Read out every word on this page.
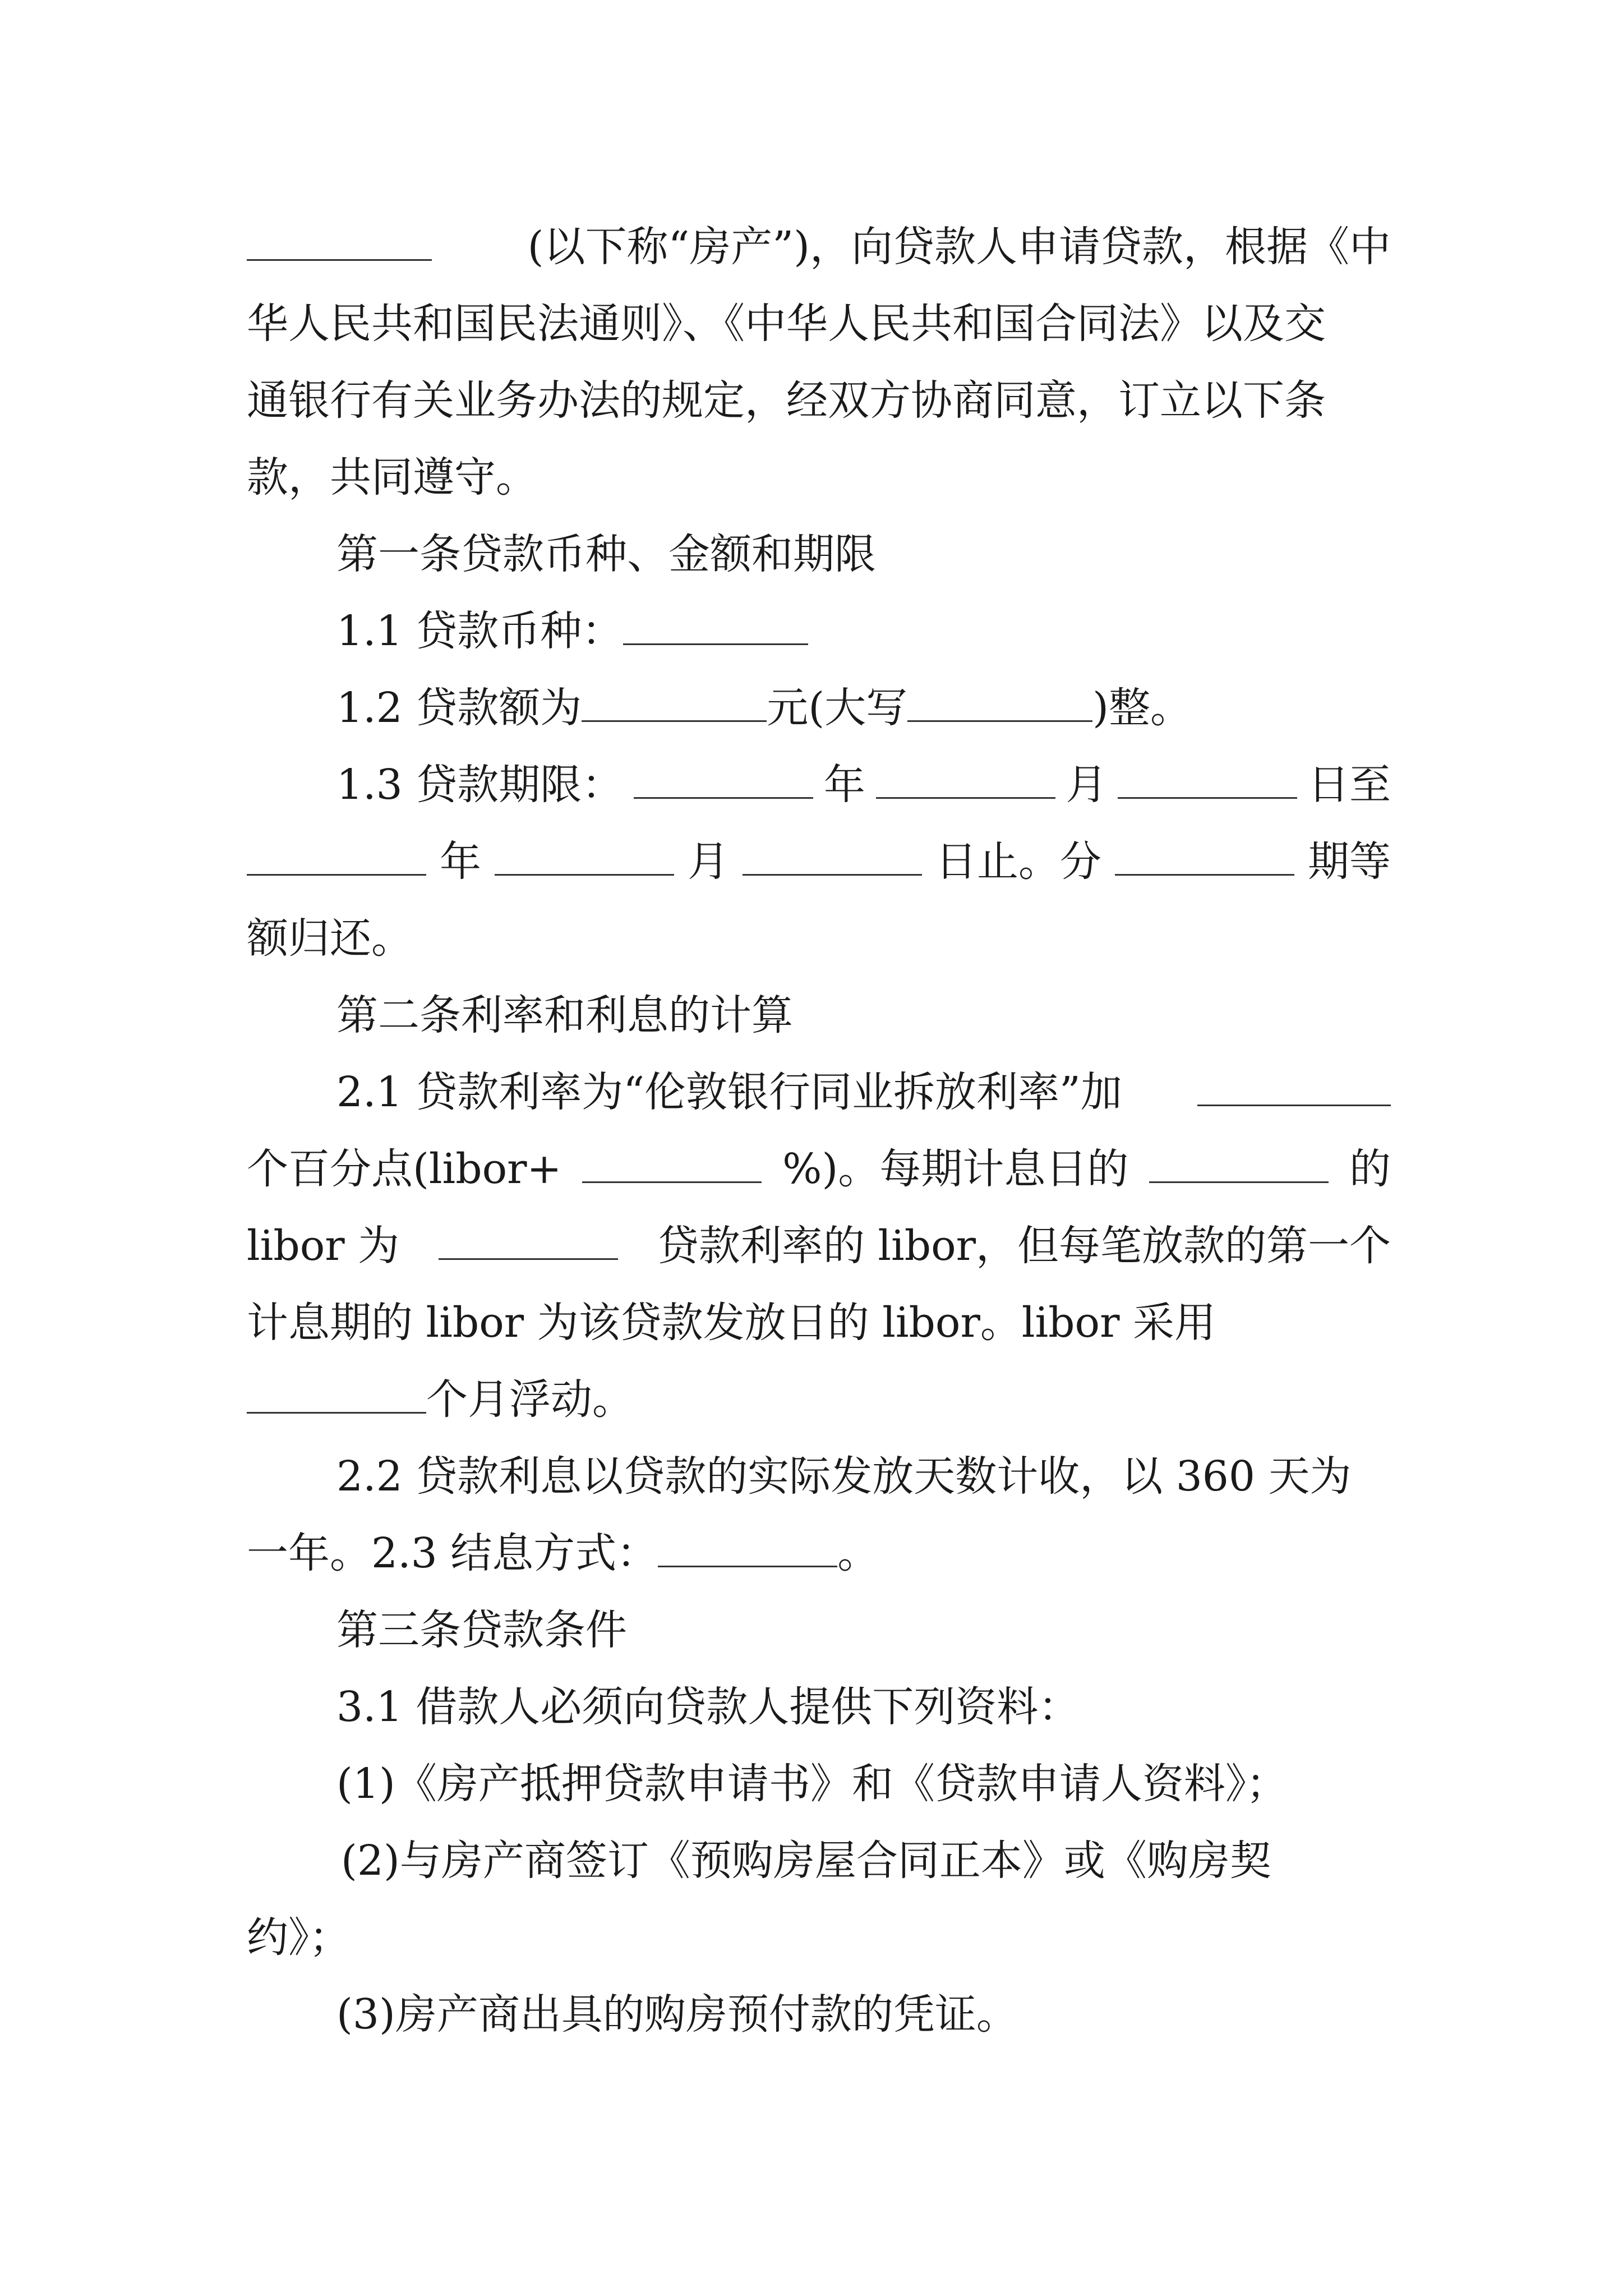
(以下称“房产”)，向贷款人申请贷款，根据《中
华人民共和国民法通则》、《中华人民共和国合同法》以及交
通银行有关业务办法的规定，经双方协商同意，订立以下条
款，共同遵守。
第一条贷款币种、金额和期限
1.1 贷款币种：
1.2 贷款额为	元(大写	)整。
1.3 贷款期限：	年	月	日至
年	月	日止。分	期等
额归还。
第二条利率和利息的计算
2.1 贷款利率为“伦敦银行同业拆放利率”加
个百分点(libor+	%)。每期计息日的	的
libor 为	贷款利率的 libor，但每笔放款的第一个
计息期的 libor 为该贷款发放日的 libor。libor 采用
个月浮动。
2.2 贷款利息以贷款的实际发放天数计收，以 360 天为
一年。2.3 结息方式：	。
第三条贷款条件
3.1 借款人必须向贷款人提供下列资料：
(1)《房产抵押贷款申请书》和《贷款申请人资料》；
(2)与房产商签订《预购房屋合同正本》或《购房契
约》；
(3)房产商出具的购房预付款的凭证。
